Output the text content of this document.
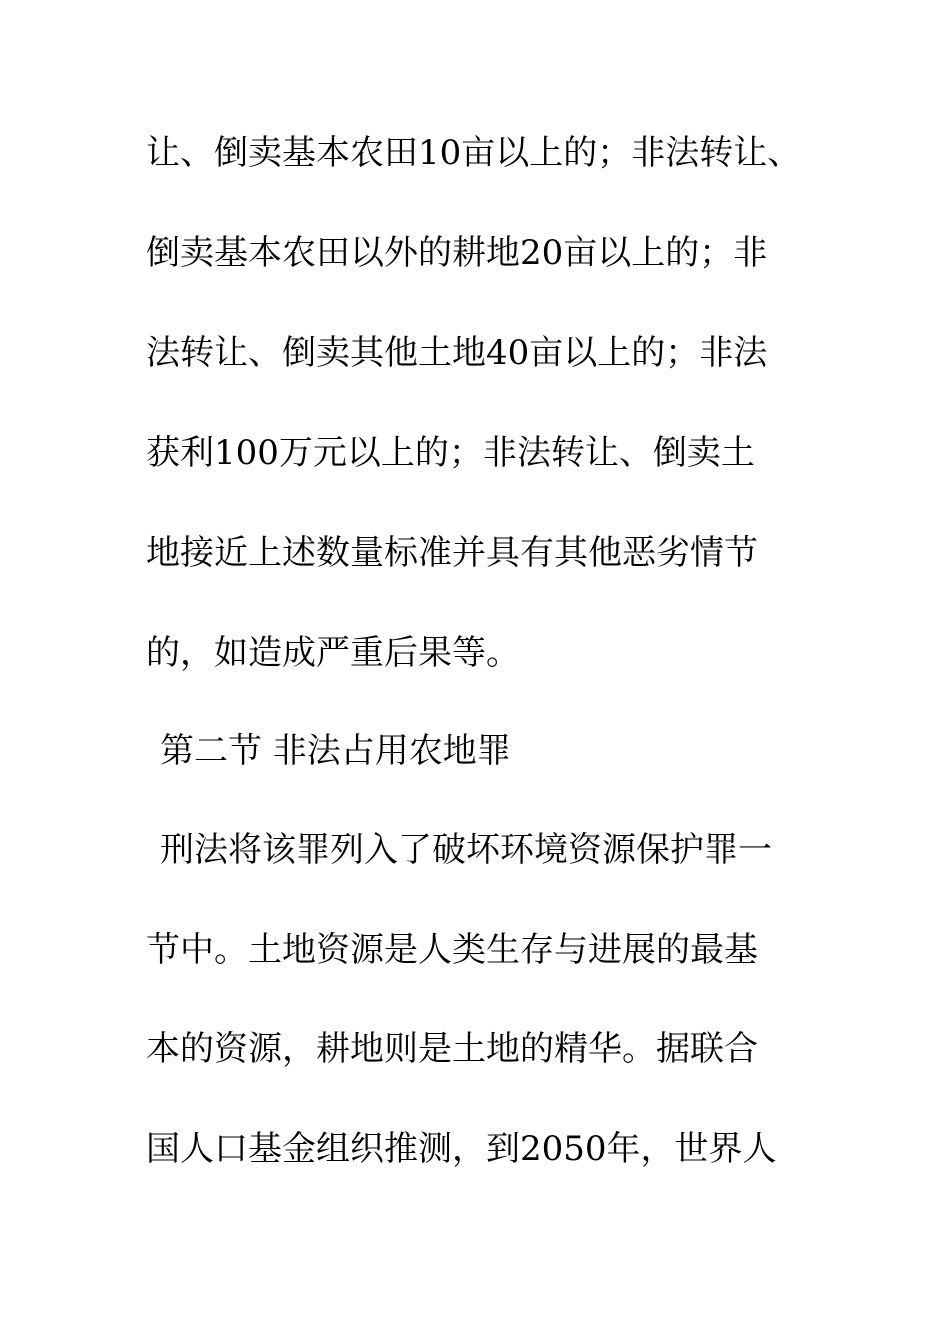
让、倒卖基本农田10亩以上的；非法转让、
倒卖基本农田以外的耕地20亩以上的；非
法转让、倒卖其他土地40亩以上的；非法
获利100万元以上的；非法转让、倒卖土
地接近上述数量标准并具有其他恶劣情节
的，如造成严重后果等。
第二节 非法占用农地罪
刑法将该罪列入了破坏环境资源保护罪一
节中。土地资源是人类生存与进展的最基
本的资源，耕地则是土地的精华。据联合
国人口基金组织推测，到2050年，世界人
